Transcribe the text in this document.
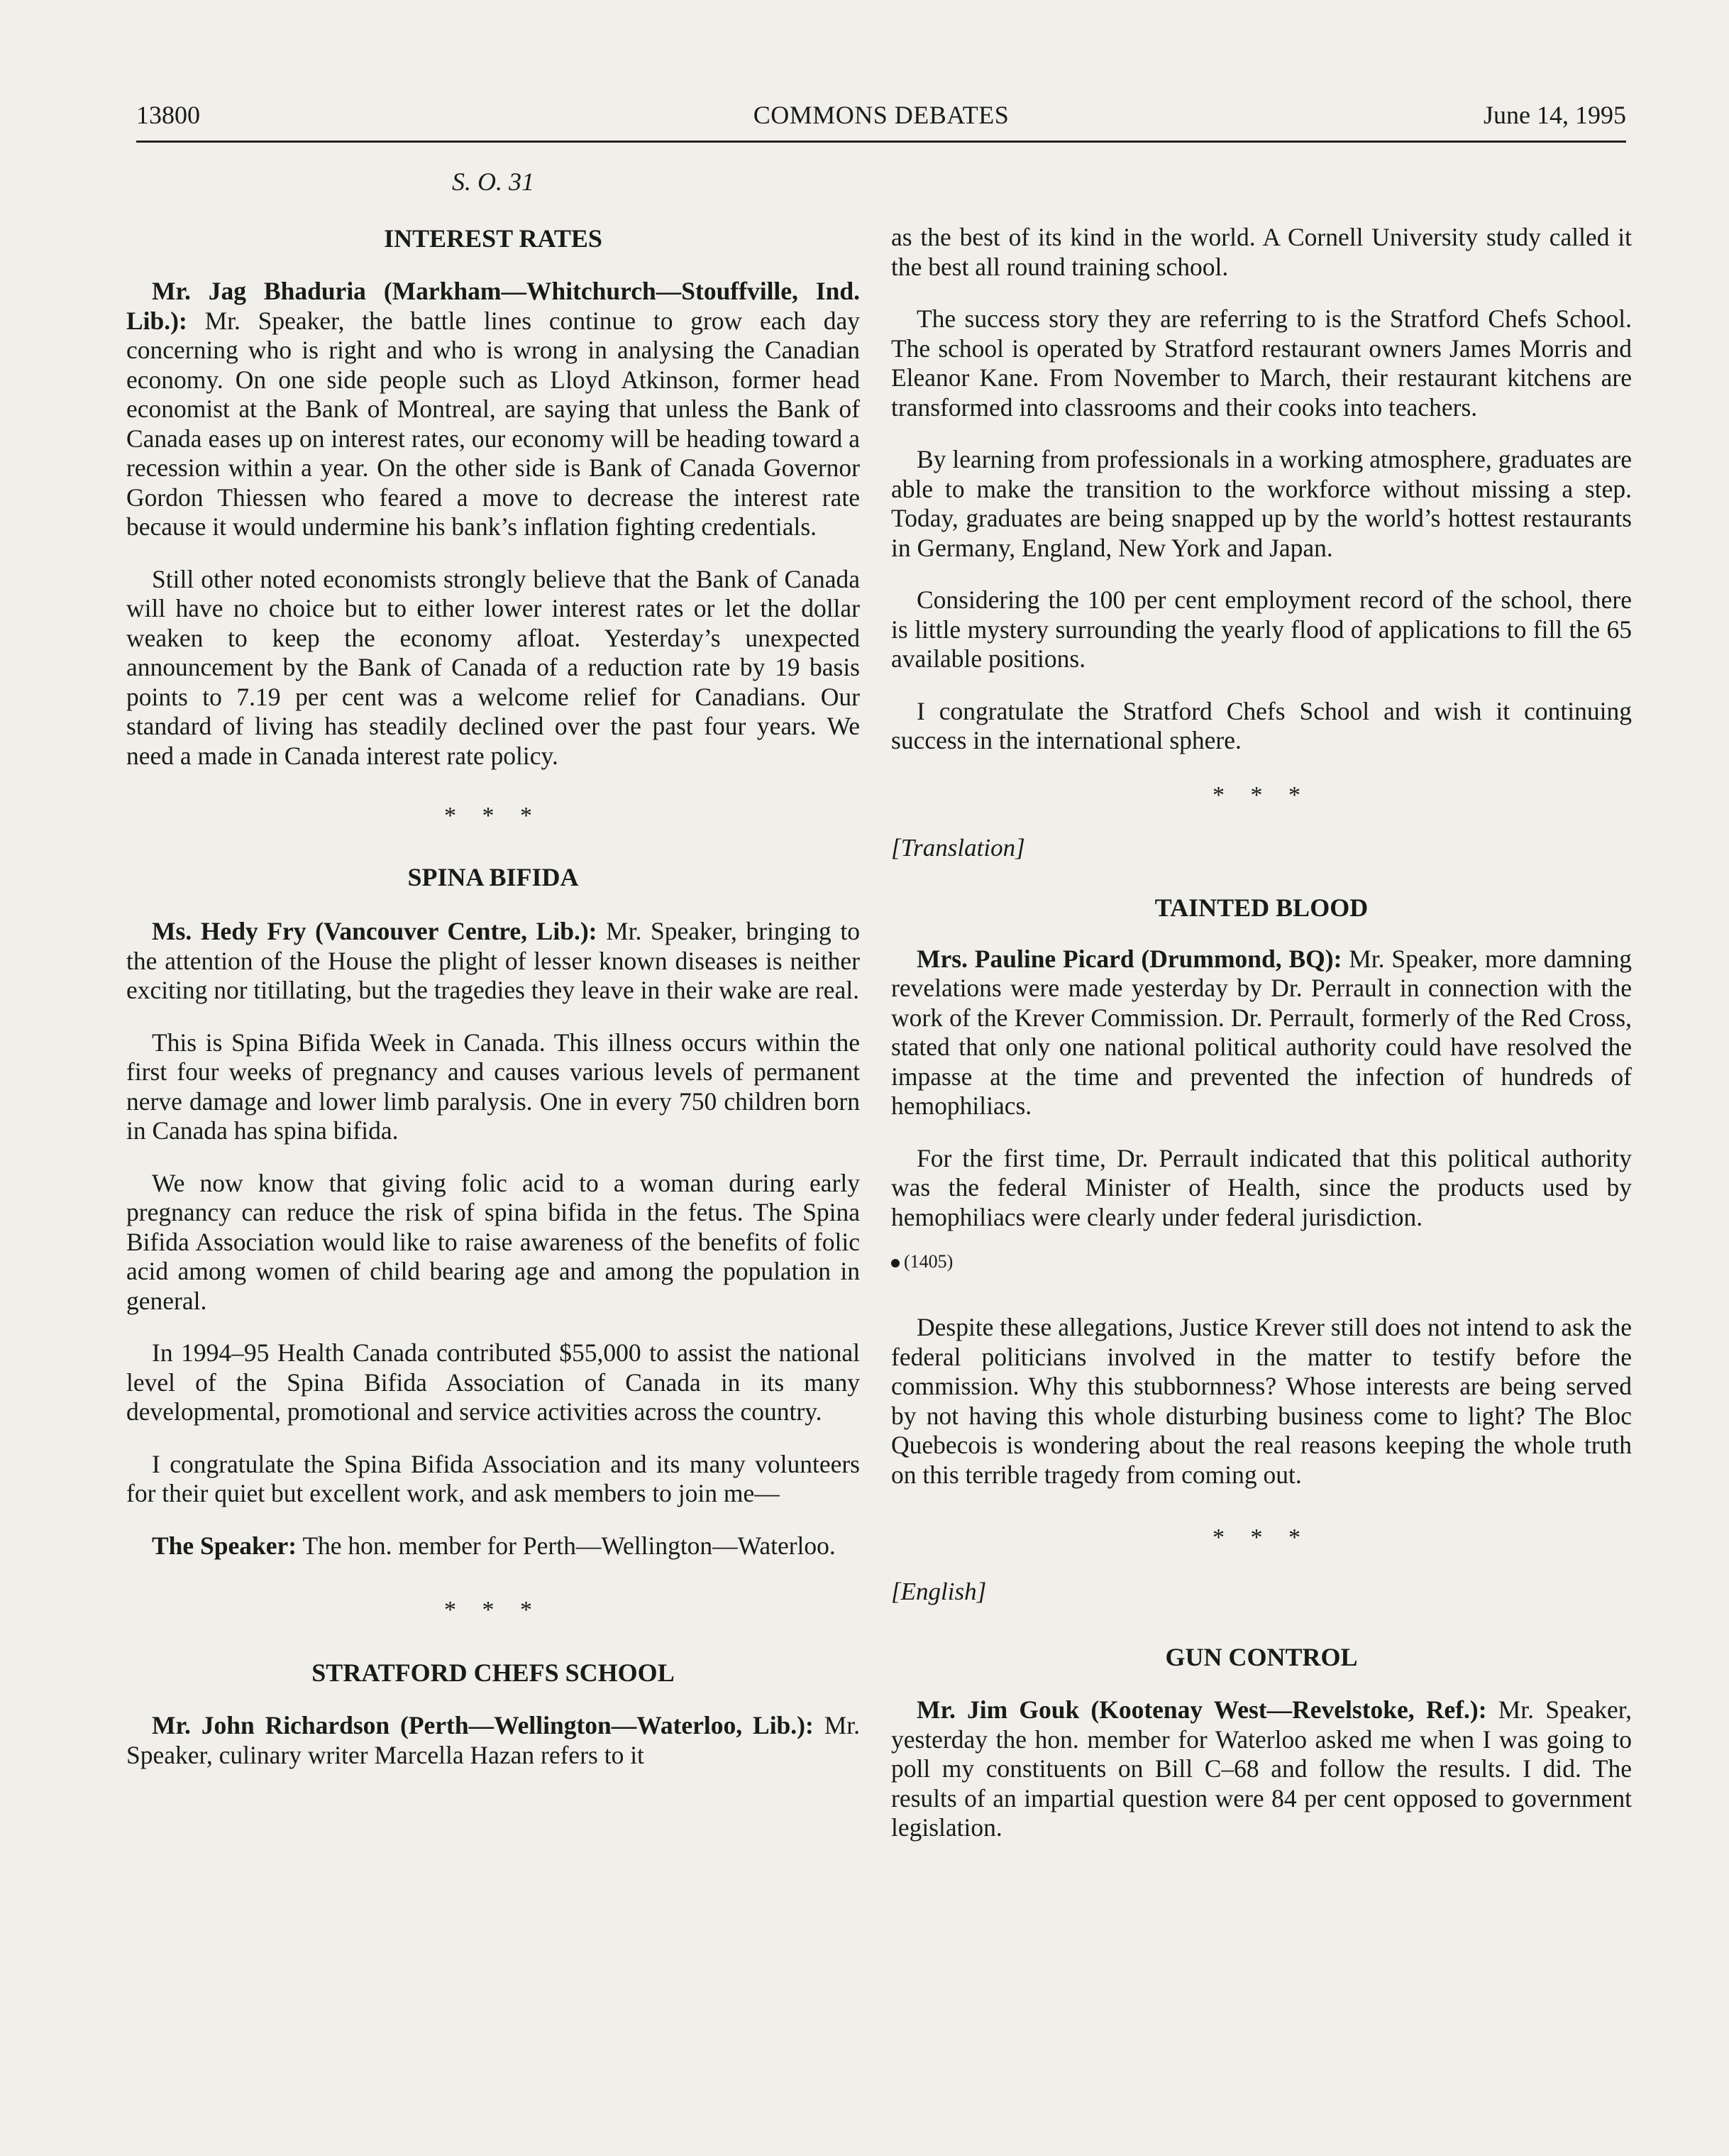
13800	COMMONS DEBATES	June 14, 1995

S. O. 31

INTEREST RATES

Mr. Jag Bhaduria (Markham—Whitchurch—Stouffville, Ind. Lib.): Mr. Speaker, the battle lines continue to grow each day concerning who is right and who is wrong in analysing the Canadian economy. On one side people such as Lloyd Atkinson, former head economist at the Bank of Montreal, are saying that unless the Bank of Canada eases up on interest rates, our economy will be heading toward a recession within a year. On the other side is Bank of Canada Governor Gordon Thiessen who feared a move to decrease the interest rate because it would undermine his bank’s inflation fighting credentials.

Still other noted economists strongly believe that the Bank of Canada will have no choice but to either lower interest rates or let the dollar weaken to keep the economy afloat. Yesterday’s unexpected announcement by the Bank of Canada of a reduction rate by 19 basis points to 7.19 per cent was a welcome relief for Canadians. Our standard of living has steadily declined over the past four years. We need a made in Canada interest rate policy.

* * *

SPINA BIFIDA

Ms. Hedy Fry (Vancouver Centre, Lib.): Mr. Speaker, bringing to the attention of the House the plight of lesser known diseases is neither exciting nor titillating, but the tragedies they leave in their wake are real.

This is Spina Bifida Week in Canada. This illness occurs within the first four weeks of pregnancy and causes various levels of permanent nerve damage and lower limb paralysis. One in every 750 children born in Canada has spina bifida.

We now know that giving folic acid to a woman during early pregnancy can reduce the risk of spina bifida in the fetus. The Spina Bifida Association would like to raise awareness of the benefits of folic acid among women of child bearing age and among the population in general.

In 1994–95 Health Canada contributed $55,000 to assist the national level of the Spina Bifida Association of Canada in its many developmental, promotional and service activities across the country.

I congratulate the Spina Bifida Association and its many volunteers for their quiet but excellent work, and ask members to join me—

The Speaker: The hon. member for Perth—Wellington—Waterloo.

* * *

STRATFORD CHEFS SCHOOL

Mr. John Richardson (Perth—Wellington—Waterloo, Lib.): Mr. Speaker, culinary writer Marcella Hazan refers to it

as the best of its kind in the world. A Cornell University study called it the best all round training school.

The success story they are referring to is the Stratford Chefs School. The school is operated by Stratford restaurant owners James Morris and Eleanor Kane. From November to March, their restaurant kitchens are transformed into classrooms and their cooks into teachers.

By learning from professionals in a working atmosphere, graduates are able to make the transition to the workforce without missing a step. Today, graduates are being snapped up by the world’s hottest restaurants in Germany, England, New York and Japan.

Considering the 100 per cent employment record of the school, there is little mystery surrounding the yearly flood of applications to fill the 65 available positions.

I congratulate the Stratford Chefs School and wish it continuing success in the international sphere.

* * *

[Translation]

TAINTED BLOOD

Mrs. Pauline Picard (Drummond, BQ): Mr. Speaker, more damning revelations were made yesterday by Dr. Perrault in connection with the work of the Krever Commission. Dr. Perrault, formerly of the Red Cross, stated that only one national political authority could have resolved the impasse at the time and prevented the infection of hundreds of hemophiliacs.

For the first time, Dr. Perrault indicated that this political authority was the federal Minister of Health, since the products used by hemophiliacs were clearly under federal jurisdiction.

(1405)

Despite these allegations, Justice Krever still does not intend to ask the federal politicians involved in the matter to testify before the commission. Why this stubbornness? Whose interests are being served by not having this whole disturbing business come to light? The Bloc Quebecois is wondering about the real reasons keeping the whole truth on this terrible tragedy from coming out.

* * *

[English]

GUN CONTROL

Mr. Jim Gouk (Kootenay West—Revelstoke, Ref.): Mr. Speaker, yesterday the hon. member for Waterloo asked me when I was going to poll my constituents on Bill C–68 and follow the results. I did. The results of an impartial question were 84 per cent opposed to government legislation.
